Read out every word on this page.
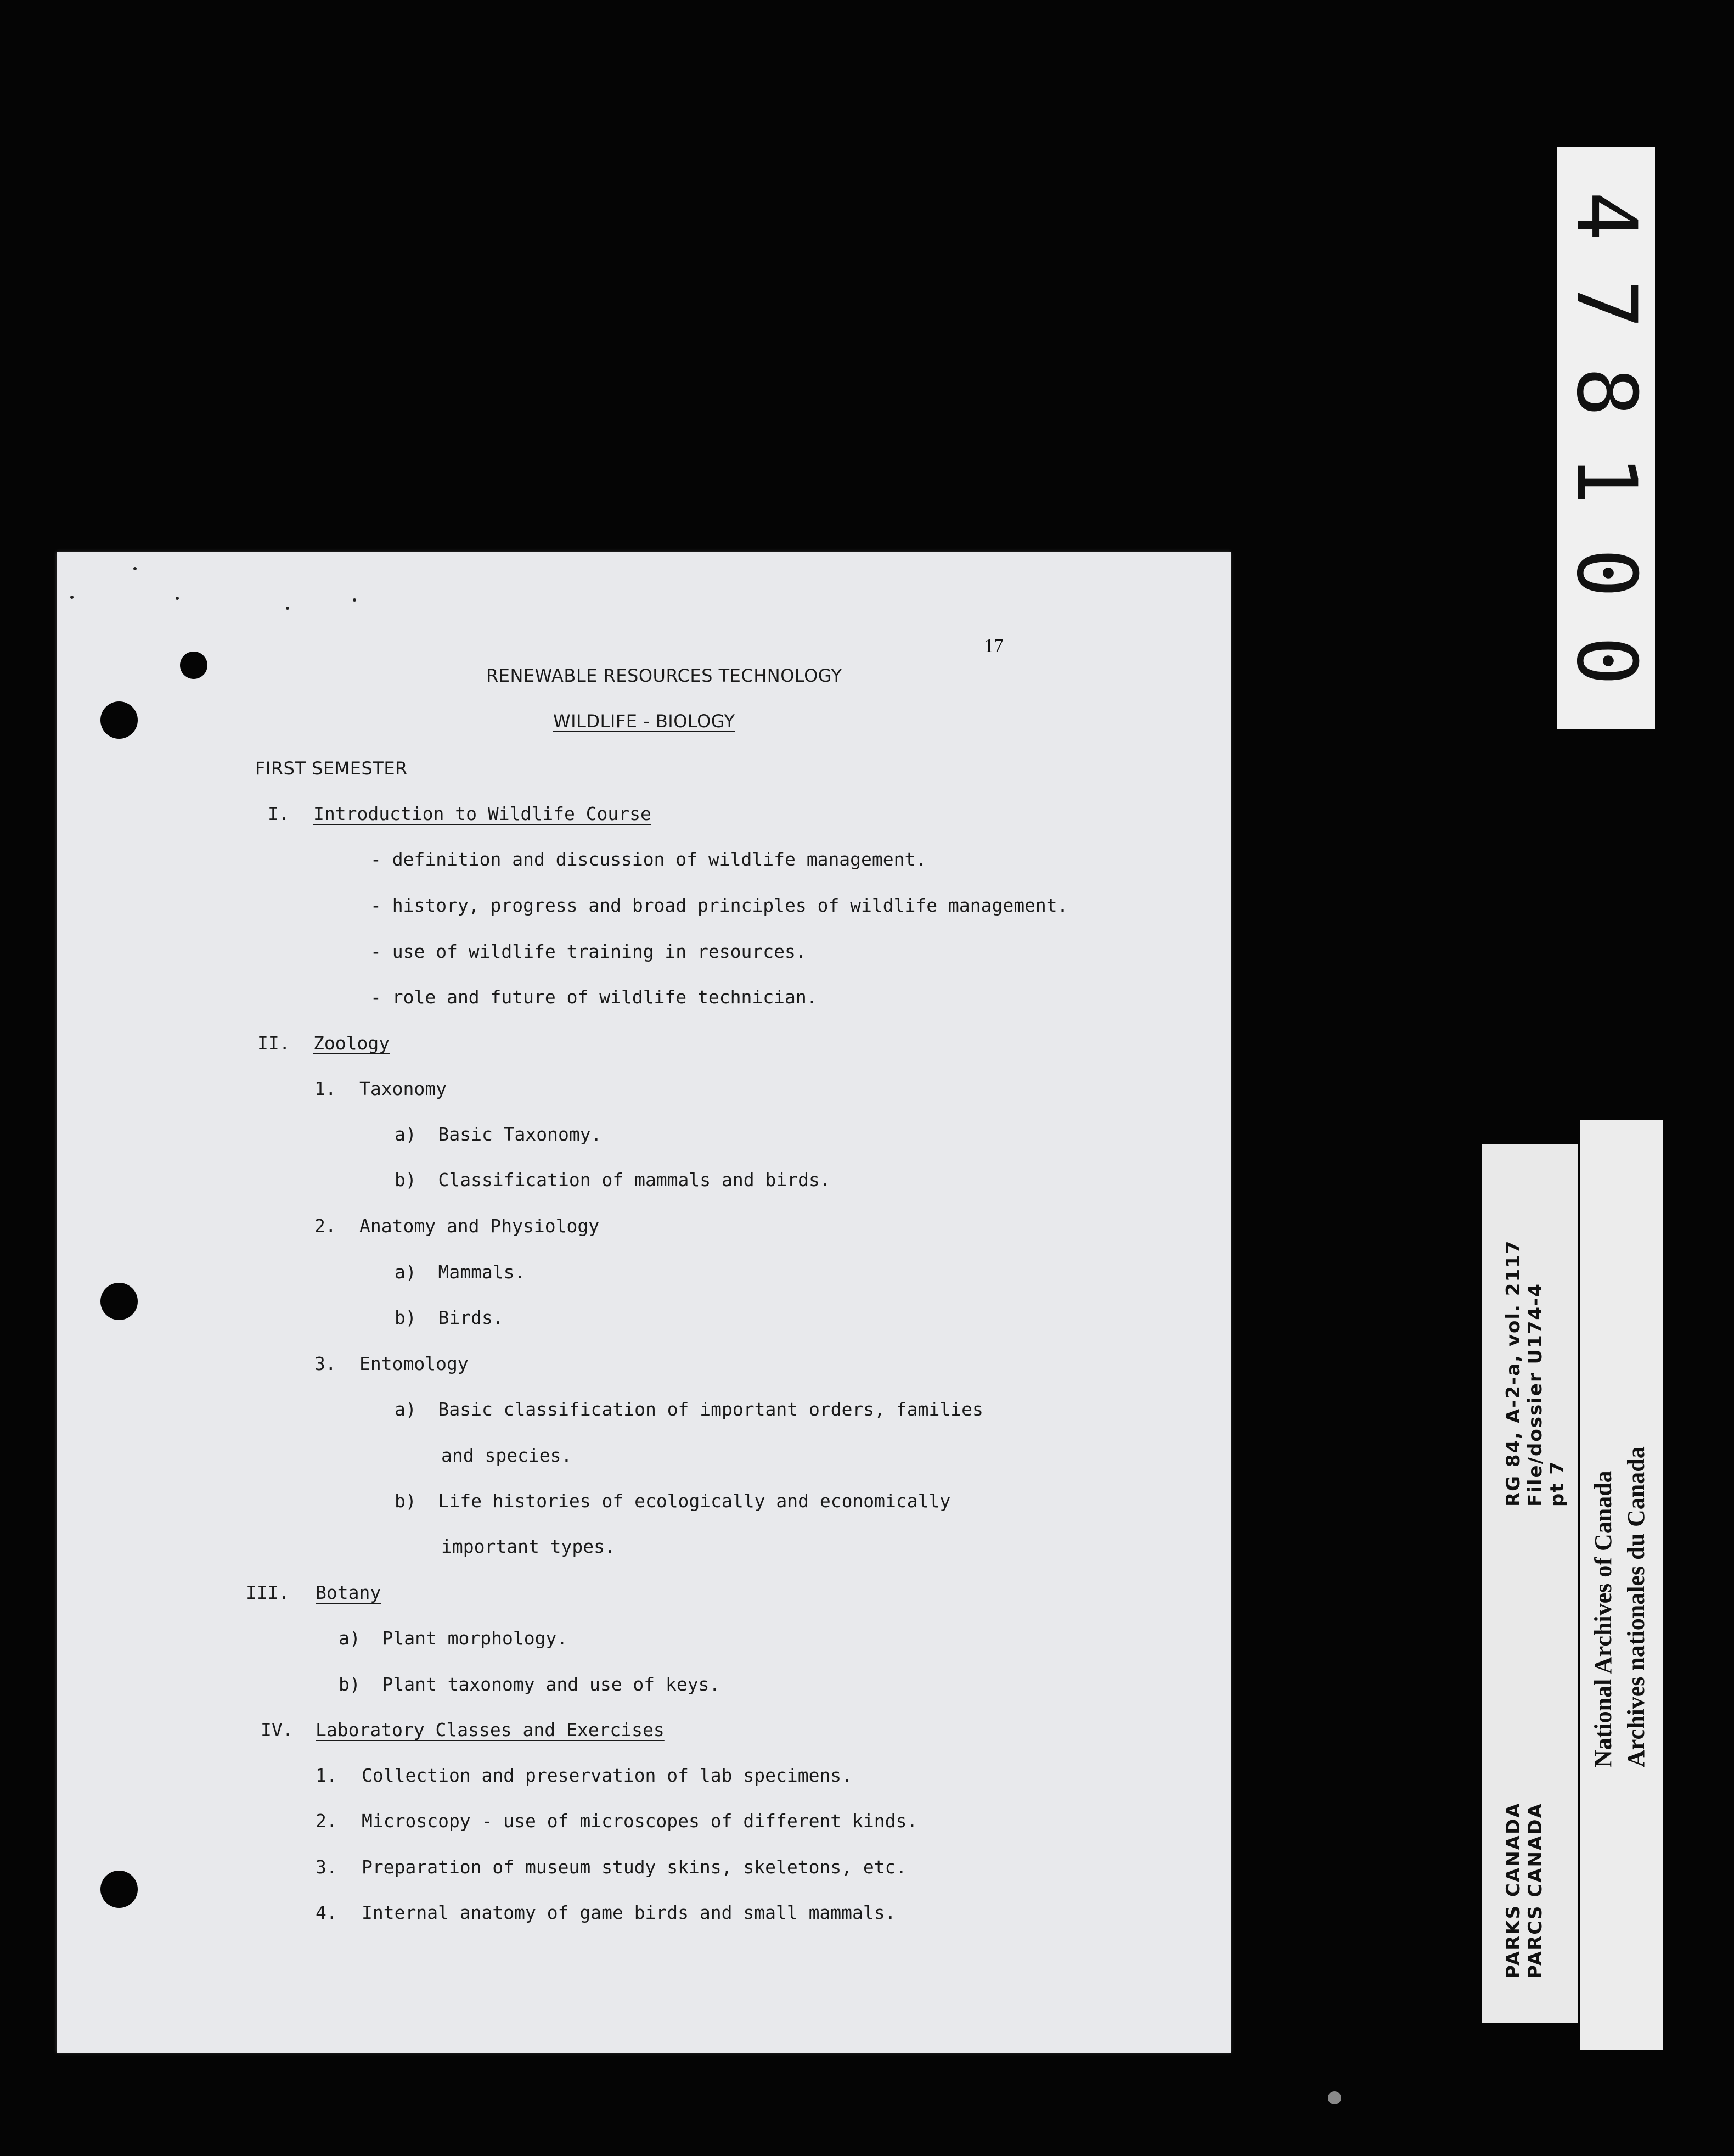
17
RENEWABLE RESOURCES TECHNOLOGY
WILDLIFE - BIOLOGY
FIRST SEMESTER
I. Introduction to Wildlife Course
- definition and discussion of wildlife management.
- history, progress and broad principles of wildlife management.
- use of wildlife training in resources.
- role and future of wildlife technician.
II. Zoology
1. Taxonomy
a)  Basic Taxonomy.
b)  Classification of mammals and birds.
2. Anatomy and Physiology
a)  Mammals.
b)  Birds.
3. Entomology
a)  Basic classification of important orders, families
and species.
b)  Life histories of ecologically and economically
important types.
III. Botany
a)  Plant morphology.
b)  Plant taxonomy and use of keys.
IV. Laboratory Classes and Exercises
1. Collection and preservation of lab specimens.
2. Microscopy - use of microscopes of different kinds.
3. Preparation of museum study skins, skeletons, etc.
4. Internal anatomy of game birds and small mammals.
4
7
8
1
0
0
RG 84, A-2-a, vol. 2117 File/dossier U174-4 pt 7
PARKS CANADA PARCS CANADA
National Archives of Canada Archives nationales du Canada
